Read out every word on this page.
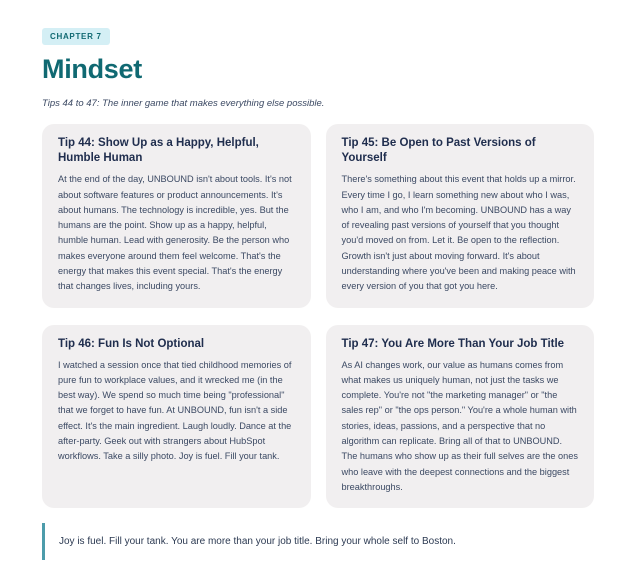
CHAPTER 7
Mindset

Tips 44 to 47: The inner game that makes everything else possible.

Tip 44: Show Up as a Happy, Helpful, Humble Human
At the end of the day, UNBOUND isn't about tools. It's not about software features or product announcements. It's about humans. The technology is incredible, yes. But the humans are the point. Show up as a happy, helpful, humble human. Lead with generosity. Be the person who makes everyone around them feel welcome. That's the energy that makes this event special. That's the energy that changes lives, including yours.
Tip 45: Be Open to Past Versions of Yourself
There's something about this event that holds up a mirror. Every time I go, I learn something new about who I was, who I am, and who I'm becoming. UNBOUND has a way of revealing past versions of yourself that you thought you'd moved on from. Let it. Be open to the reflection. Growth isn't just about moving forward. It's about understanding where you've been and making peace with every version of you that got you here.
Tip 46: Fun Is Not Optional
I watched a session once that tied childhood memories of pure fun to workplace values, and it wrecked me (in the best way). We spend so much time being "professional" that we forget to have fun. At UNBOUND, fun isn't a side effect. It's the main ingredient. Laugh loudly. Dance at the after-party. Geek out with strangers about HubSpot workflows. Take a silly photo. Joy is fuel. Fill your tank.
Tip 47: You Are More Than Your Job Title
As AI changes work, our value as humans comes from what makes us uniquely human, not just the tasks we complete. You're not "the marketing manager" or "the sales rep" or "the ops person." You're a whole human with stories, ideas, passions, and a perspective that no algorithm can replicate. Bring all of that to UNBOUND. The humans who show up as their full selves are the ones who leave with the deepest connections and the biggest breakthroughs.
Joy is fuel. Fill your tank. You are more than your job title. Bring your whole self to Boston.
